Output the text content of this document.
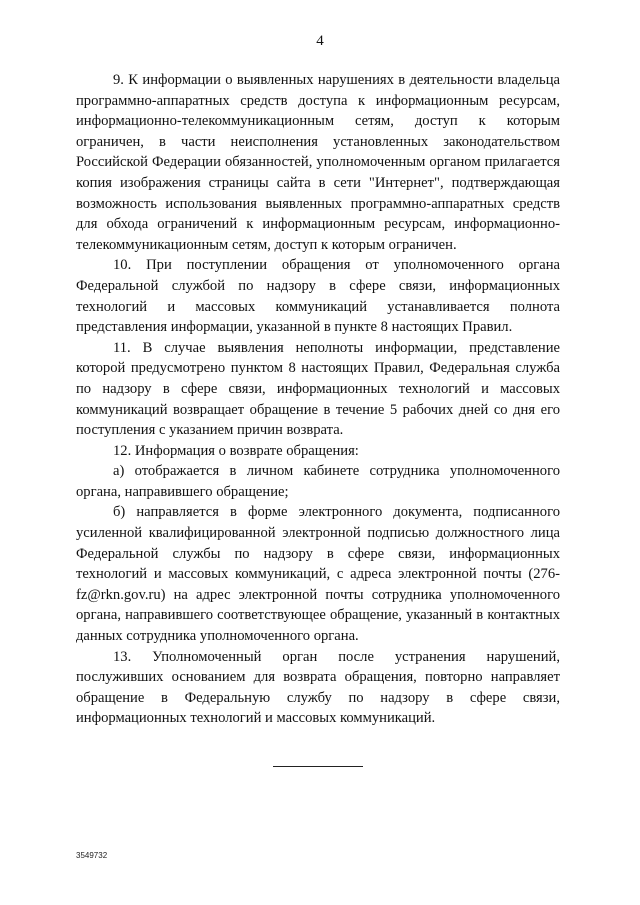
4

9. К информации о выявленных нарушениях в деятельности владельца программно-аппаратных средств доступа к информационным ресурсам, информационно-телекоммуникационным сетям, доступ к которым ограничен, в части неисполнения установленных законодательством Российской Федерации обязанностей, уполномоченным органом прилагается копия изображения страницы сайта в сети "Интернет", подтверждающая возможность использования выявленных программно-аппаратных средств для обхода ограничений к информационным ресурсам, информационно-телекоммуникационным сетям, доступ к которым ограничен.

10. При поступлении обращения от уполномоченного органа Федеральной службой по надзору в сфере связи, информационных технологий и массовых коммуникаций устанавливается полнота представления информации, указанной в пункте 8 настоящих Правил.

11. В случае выявления неполноты информации, представление которой предусмотрено пунктом 8 настоящих Правил, Федеральная служба по надзору в сфере связи, информационных технологий и массовых коммуникаций возвращает обращение в течение 5 рабочих дней со дня его поступления с указанием причин возврата.

12. Информация о возврате обращения:

а) отображается в личном кабинете сотрудника уполномоченного органа, направившего обращение;

б) направляется в форме электронного документа, подписанного усиленной квалифицированной электронной подписью должностного лица Федеральной службы по надзору в сфере связи, информационных технологий и массовых коммуникаций, с адреса электронной почты (276-fz@rkn.gov.ru) на адрес электронной почты сотрудника уполномоченного органа, направившего соответствующее обращение, указанный в контактных данных сотрудника уполномоченного органа.

13. Уполномоченный орган после устранения нарушений, послуживших основанием для возврата обращения, повторно направляет обращение в Федеральную службу по надзору в сфере связи, информационных технологий и массовых коммуникаций.

3549732
